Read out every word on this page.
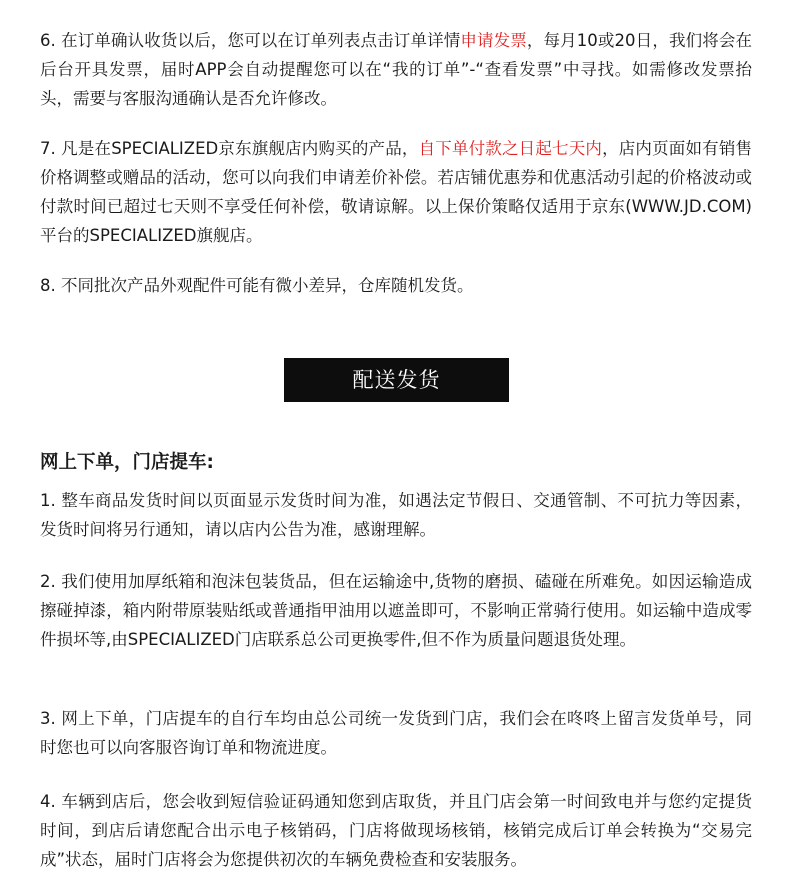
6. 在订单确认收货以后，您可以在订单列表点击订单详情申请发票，每月10或20日，我们将会在后台开具发票，届时APP会自动提醒您可以在“我的订单”-“查看发票”中寻找。如需修改发票抬头，需要与客服沟通确认是否允许修改。

7. 凡是在SPECIALIZED京东旗舰店内购买的产品，自下单付款之日起七天内，店内页面如有销售价格调整或赠品的活动，您可以向我们申请差价补偿。若店铺优惠券和优惠活动引起的价格波动或付款时间已超过七天则不享受任何补偿，敬请谅解。以上保价策略仅适用于京东(WWW.JD.COM)平台的SPECIALIZED旗舰店。

8. 不同批次产品外观配件可能有微小差异，仓库随机发货。

配送发货

网上下单，门店提车:

1. 整车商品发货时间以页面显示发货时间为准，如遇法定节假日、交通管制、不可抗力等因素，发货时间将另行通知，请以店内公告为准，感谢理解。

2. 我们使用加厚纸箱和泡沫包装货品，但在运输途中,货物的磨损、磕碰在所难免。如因运输造成擦碰掉漆，箱内附带原装贴纸或普通指甲油用以遮盖即可，不影响正常骑行使用。如运输中造成零件损坏等,由SPECIALIZED门店联系总公司更换零件,但不作为质量问题退货处理。

3. 网上下单，门店提车的自行车均由总公司统一发货到门店，我们会在咚咚上留言发货单号，同时您也可以向客服咨询订单和物流进度。

4. 车辆到店后，您会收到短信验证码通知您到店取货，并且门店会第一时间致电并与您约定提货时间，到店后请您配合出示电子核销码，门店将做现场核销，核销完成后订单会转换为“交易完成”状态，届时门店将会为您提供初次的车辆免费检查和安装服务。
